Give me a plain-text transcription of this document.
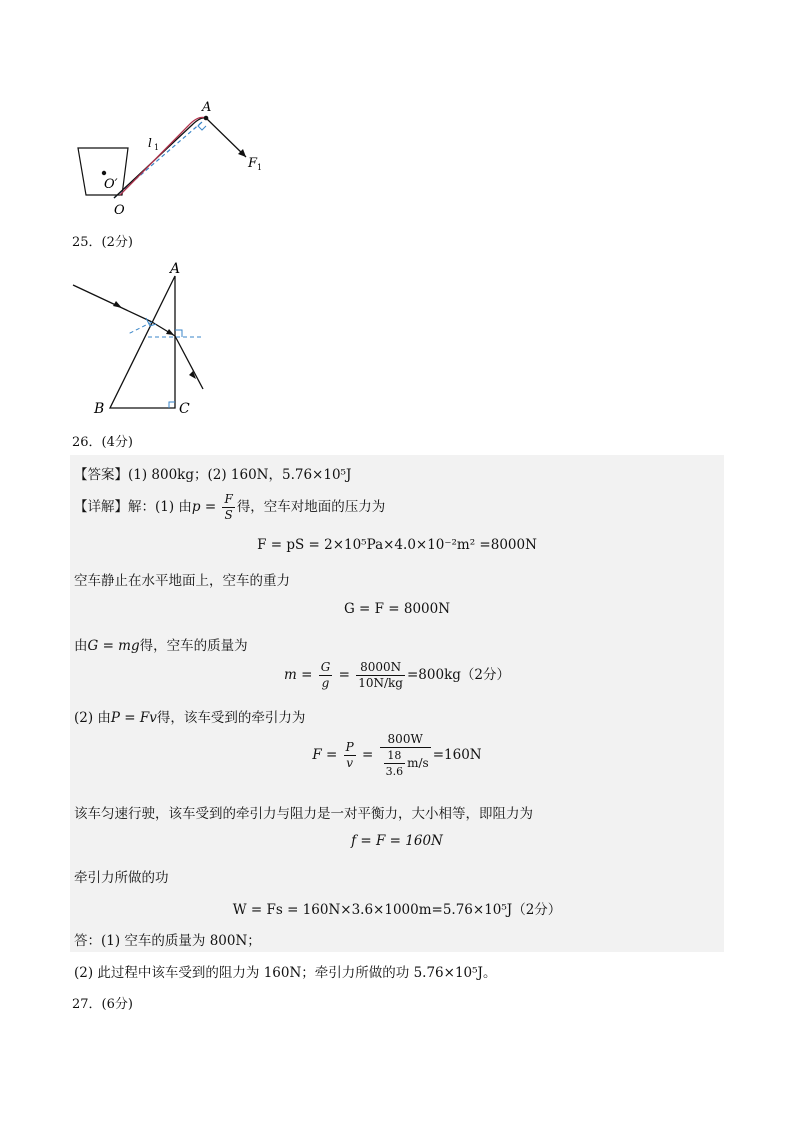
A
l 1
F 1
O′
O
25．(2分)
A
B	C
26．(4分)
【答案】(1) 800kg；(2) 160N，5.76×10⁵J
【详解】解：(1) 由$p = \frac{F}{S}$ 得，空车对地面的压力为
F = pS = 2×10⁵Pa×4.0×10⁻²m² =8000N
空车静止在水平地面上，空车的重力
G = F = 8000N
由G = mg得，空车的质量为
$m = \frac{G}{g} = \frac{8000N}{10N/kg} =800kg(2$分）
(2) 由P = Fv得，该车受到的牵引力为
$F = \frac{P}{v} = \frac{800W}{\frac{18}{3.6} m/s} =160N$
该车匀速行驶，该车受到的牵引力与阻力是一对平衡力，大小相等，即阻力为
f = F = 160N
牵引力所做的功
W = Fs = 160N×3.6×1000m=5.76×10⁵J（2分）
答：(1) 空车的质量为 800N；
(2) 此过程中该车受到的阻力为 160N；牵引力所做的功 5.76×10⁵J。
27．(6分)
